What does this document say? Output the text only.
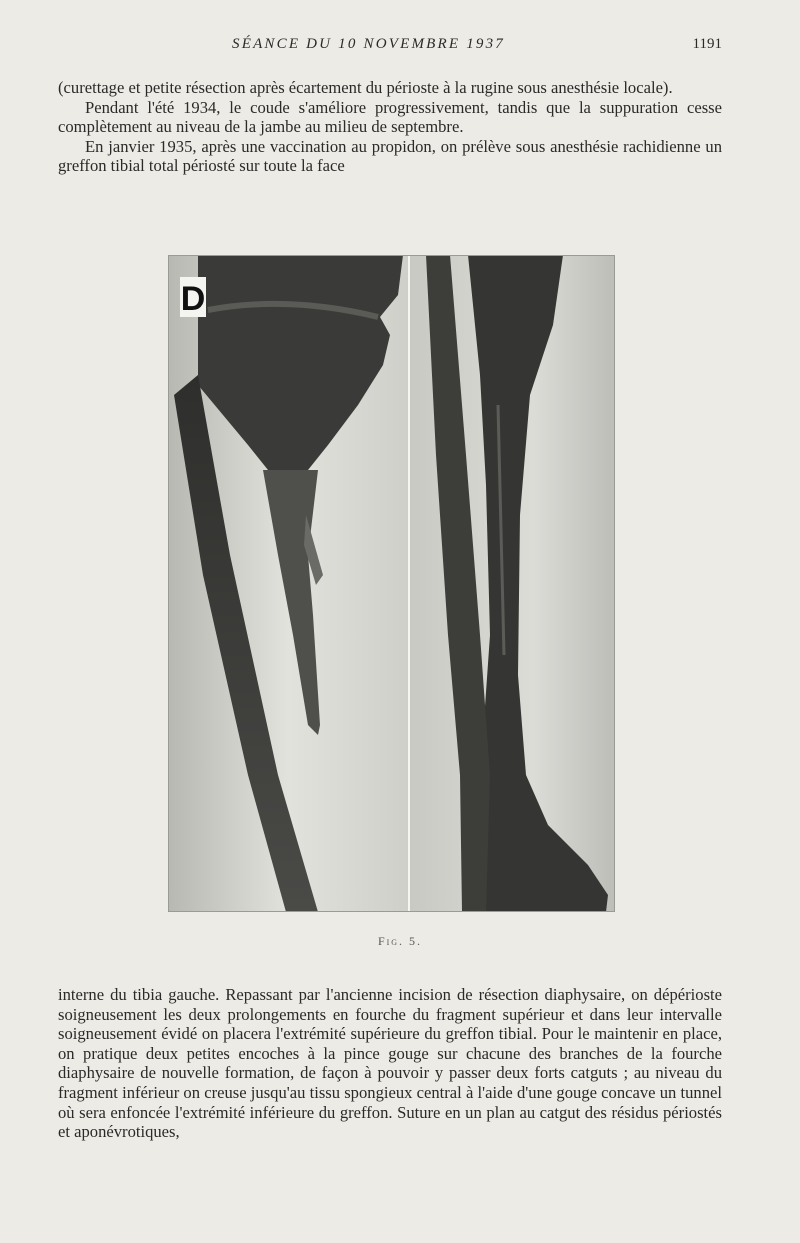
SÉANCE DU 10 NOVEMBRE 1937	1191

(curettage et petite résection après écartement du périoste à la rugine sous anesthésie locale).

Pendant l'été 1934, le coude s'améliore progressivement, tandis que la suppuration cesse complètement au niveau de la jambe au milieu de septembre.

En janvier 1935, après une vaccination au propidon, on prélève sous anesthésie rachidienne un greffon tibial total périosté sur toute la face

D
Fig. 5.

interne du tibia gauche. Repassant par l'ancienne incision de résection diaphysaire, on dépérioste soigneusement les deux prolongements en fourche du fragment supérieur et dans leur intervalle soigneusement évidé on placera l'extrémité supérieure du greffon tibial. Pour le maintenir en place, on pratique deux petites encoches à la pince gouge sur chacune des branches de la fourche diaphysaire de nouvelle formation, de façon à pouvoir y passer deux forts catguts ; au niveau du fragment inférieur on creuse jusqu'au tissu spongieux central à l'aide d'une gouge concave un tunnel où sera enfoncée l'extrémité inférieure du greffon. Suture en un plan au catgut des résidus périostés et aponévrotiques,
